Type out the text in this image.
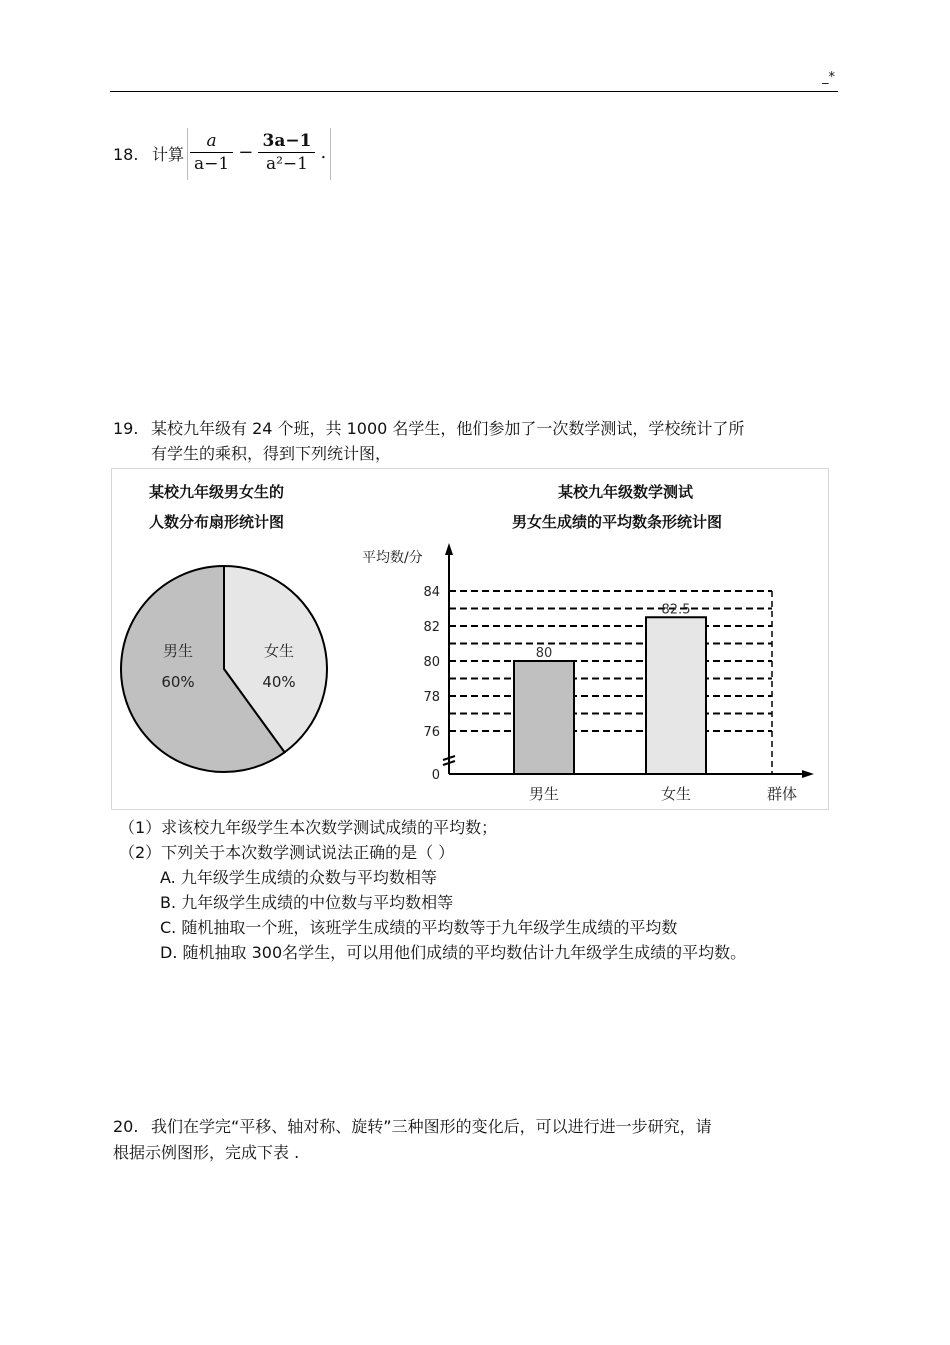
_*
18. 计算 $\frac{a}{a-1} - \frac{3a-1}{\text{a²−1}}$ .
19. 某校九年级有 24 个班，共 1000 名学生，他们参加了一次数学测试，学校统计了所
有学生的乘积，得到下列统计图，
某校九年级男女生的
人数分布扇形统计图
某校九年级数学测试
男女生成绩的平均数条形统计图
男生
60%
女生
40%
平均数/分
0
76
78
80
82
84
80
82.5
男生	女生	群体
（1）求该校九年级学生本次数学测试成绩的平均数；
（2）下列关于本次数学测试说法正确的是（ ）
A. 九年级学生成绩的众数与平均数相等
B. 九年级学生成绩的中位数与平均数相等
C. 随机抽取一个班，该班学生成绩的平均数等于九年级学生成绩的平均数
D. 随机抽取 300名学生，可以用他们成绩的平均数估计九年级学生成绩的平均数。
20. 我们在学完“平移、轴对称、旋转”三种图形的变化后，可以进行进一步研究，请
根据示例图形，完成下表 .
